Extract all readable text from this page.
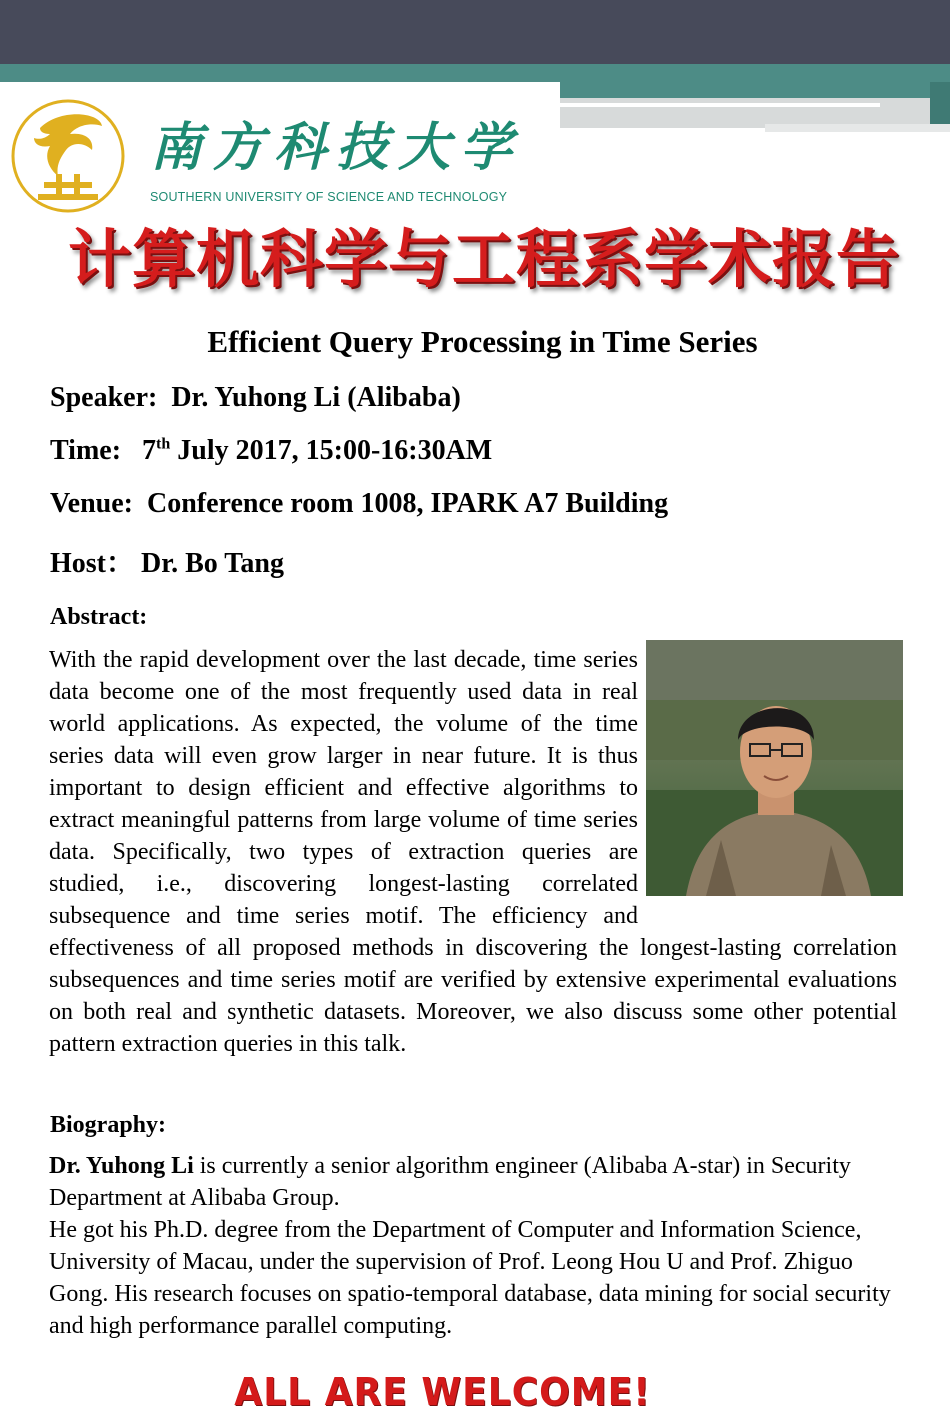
南方科技大学
SOUTHERN UNIVERSITY OF SCIENCE AND TECHNOLOGY
计算机科学与工程系学术报告
Efficient Query Processing in Time Series
Speaker: Dr. Yuhong Li (Alibaba)
Time: 7th July 2017, 15:00-16:30AM
Venue: Conference room 1008, IPARK A7 Building
Host： Dr. Bo Tang
Abstract:
With the rapid development over the last decade, time series data become one of the most frequently used data in real world applications. As expected, the volume of the time series data will even grow larger in near future. It is thus important to design efficient and effective algorithms to extract meaningful patterns from large volume of time series data. Specifically, two types of extraction queries are studied, i.e., discovering longest-lasting correlated subsequence and time series motif. The efficiency and effectiveness of all proposed methods in discovering the longest-lasting correlation subsequences and time series motif are verified by extensive experimental evaluations on both real and synthetic datasets. Moreover, we also discuss some other potential pattern extraction queries in this talk.
Biography:

Dr. Yuhong Li is currently a senior algorithm engineer (Alibaba A-star) in Security Department at Alibaba Group.

He got his Ph.D. degree from the Department of Computer and Information Science, University of Macau, under the supervision of Prof. Leong Hou U and Prof. Zhiguo Gong. His research focuses on spatio-temporal database, data mining for social security and high performance parallel computing.

ALL ARE WELCOME!
